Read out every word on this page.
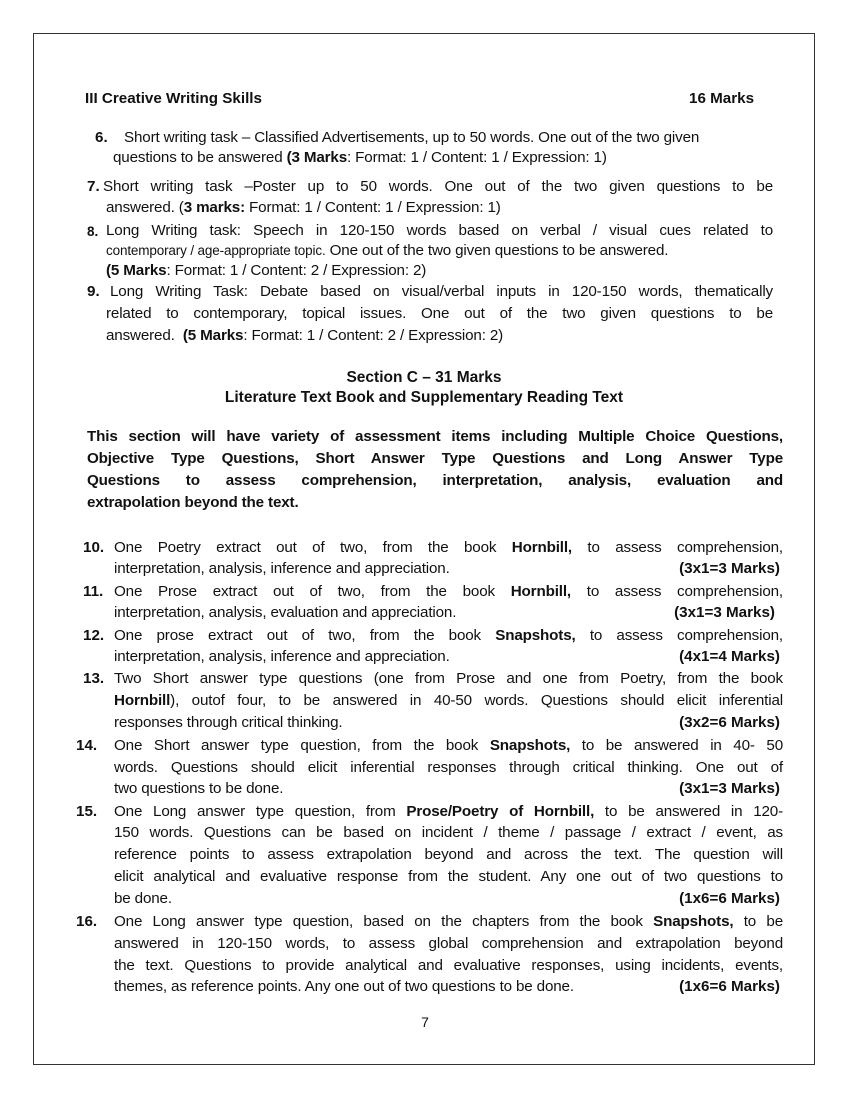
III Creative Writing Skills	16 Marks
6. Short writing task – Classified Advertisements, up to 50 words. One out of the two given
questions to be answered (3 Marks: Format: 1 / Content: 1 / Expression: 1)
7. Short writing task –Poster up to 50 words. One out of the two given questions to be
answered. (3 marks: Format: 1 / Content: 1 / Expression: 1)
8. Long Writing task: Speech in 120-150 words based on verbal / visual cues related to
contemporary / age-appropriate topic. One out of the two given questions to be answered.
(5 Marks: Format: 1 / Content: 2 / Expression: 2)
9. Long Writing Task: Debate based on visual/verbal inputs in 120-150 words, thematically
related to contemporary, topical issues. One out of the two given questions to be
answered.  (5 Marks: Format: 1 / Content: 2 / Expression: 2)
Section C – 31 Marks
Literature Text Book and Supplementary Reading Text
This section will have variety of assessment items including Multiple Choice Questions,
Objective Type Questions, Short Answer Type Questions and Long Answer Type
Questions to assess comprehension, interpretation, analysis, evaluation and
extrapolation beyond the text.
10. One Poetry extract out of two, from the book Hornbill, to assess comprehension,
interpretation, analysis, inference and appreciation.	(3x1=3 Marks)
11. One Prose extract out of two, from the book Hornbill, to assess comprehension,
interpretation, analysis, evaluation and appreciation.	(3x1=3 Marks)
12. One prose extract out of two, from the book Snapshots, to assess comprehension,
interpretation, analysis, inference and appreciation.	(4x1=4 Marks)
13. Two Short answer type questions (one from Prose and one from Poetry, from the book
Hornbill), outof four, to be answered in 40-50 words. Questions should elicit inferential
responses through critical thinking.	(3x2=6 Marks)
14. One Short answer type question, from the book Snapshots, to be answered in 40- 50
words. Questions should elicit inferential responses through critical thinking. One out of
two questions to be done.	(3x1=3 Marks)
15. One Long answer type question, from Prose/Poetry of Hornbill, to be answered in 120-
150 words. Questions can be based on incident / theme / passage / extract / event, as
reference points to assess extrapolation beyond and across the text. The question will
elicit analytical and evaluative response from the student. Any one out of two questions to
be done.	(1x6=6 Marks)
16. One Long answer type question, based on the chapters from the book Snapshots, to be
answered in 120-150 words, to assess global comprehension and extrapolation beyond
the text. Questions to provide analytical and evaluative responses, using incidents, events,
themes, as reference points. Any one out of two questions to be done.	(1x6=6 Marks)
7
